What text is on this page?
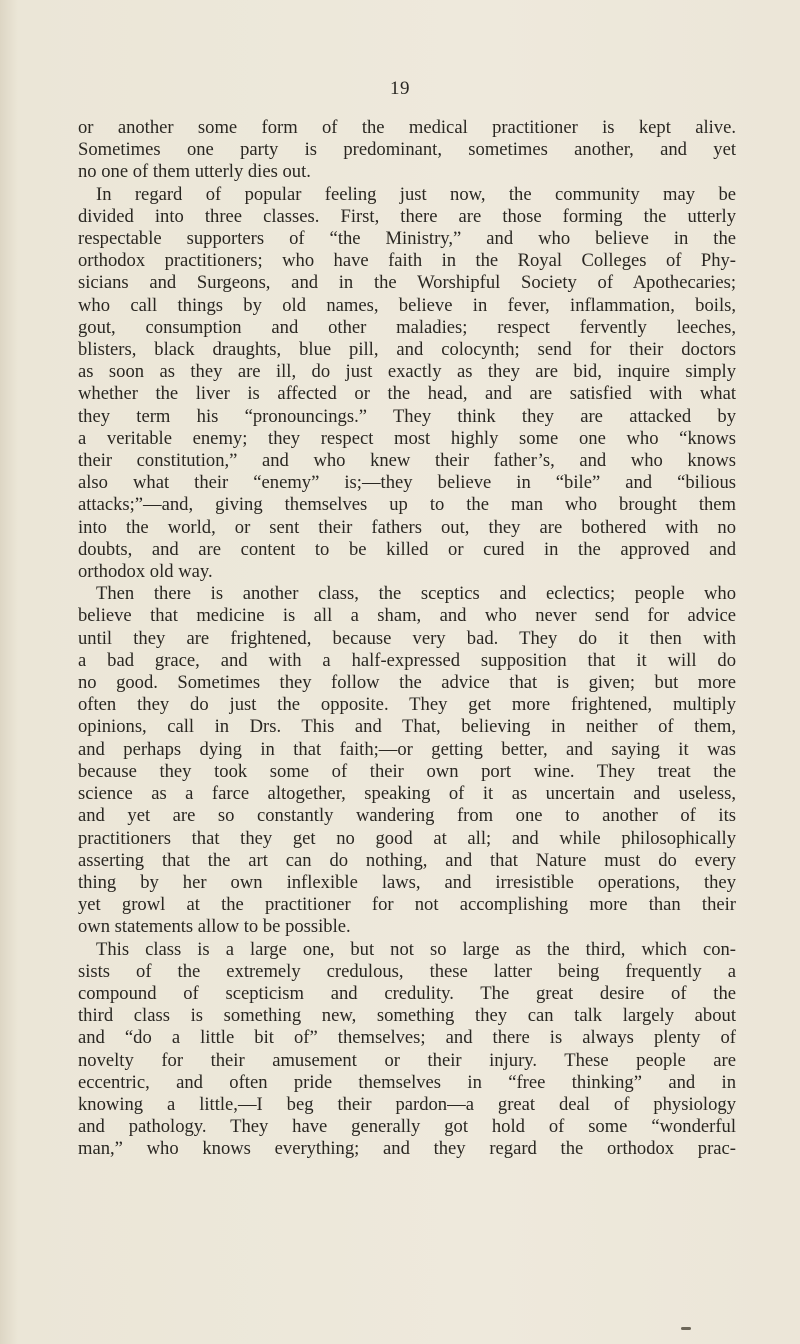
19
or another some form of the medical practitioner is kept alive.
Sometimes one party is predominant, sometimes another, and yet
no one of them utterly dies out.
In regard of popular feeling just now, the community may be
divided into three classes. First, there are those forming the utterly
respectable supporters of “the Ministry,” and who believe in the
orthodox practitioners; who have faith in the Royal Colleges of Phy-
sicians and Surgeons, and in the Worshipful Society of Apothecaries;
who call things by old names, believe in fever, inflammation, boils,
gout, consumption and other maladies; respect fervently leeches,
blisters, black draughts, blue pill, and colocynth; send for their doctors
as soon as they are ill, do just exactly as they are bid, inquire simply
whether the liver is affected or the head, and are satisfied with what
they term his “pronouncings.” They think they are attacked by
a veritable enemy; they respect most highly some one who “knows
their constitution,” and who knew their father’s, and who knows
also what their “enemy” is;—they believe in “bile” and “bilious
attacks;”—and, giving themselves up to the man who brought them
into the world, or sent their fathers out, they are bothered with no
doubts, and are content to be killed or cured in the approved and
orthodox old way.
Then there is another class, the sceptics and eclectics; people who
believe that medicine is all a sham, and who never send for advice
until they are frightened, because very bad. They do it then with
a bad grace, and with a half-expressed supposition that it will do
no good. Sometimes they follow the advice that is given; but more
often they do just the opposite. They get more frightened, multiply
opinions, call in Drs. This and That, believing in neither of them,
and perhaps dying in that faith;—or getting better, and saying it was
because they took some of their own port wine. They treat the
science as a farce altogether, speaking of it as uncertain and useless,
and yet are so constantly wandering from one to another of its
practitioners that they get no good at all; and while philosophically
asserting that the art can do nothing, and that Nature must do every
thing by her own inflexible laws, and irresistible operations, they
yet growl at the practitioner for not accomplishing more than their
own statements allow to be possible.
This class is a large one, but not so large as the third, which con-
sists of the extremely credulous, these latter being frequently a
compound of scepticism and credulity. The great desire of the
third class is something new, something they can talk largely about
and “do a little bit of” themselves; and there is always plenty of
novelty for their amusement or their injury. These people are
eccentric, and often pride themselves in “free thinking” and in
knowing a little,—I beg their pardon—a great deal of physiology
and pathology. They have generally got hold of some “wonderful
man,” who knows everything; and they regard the orthodox prac-
